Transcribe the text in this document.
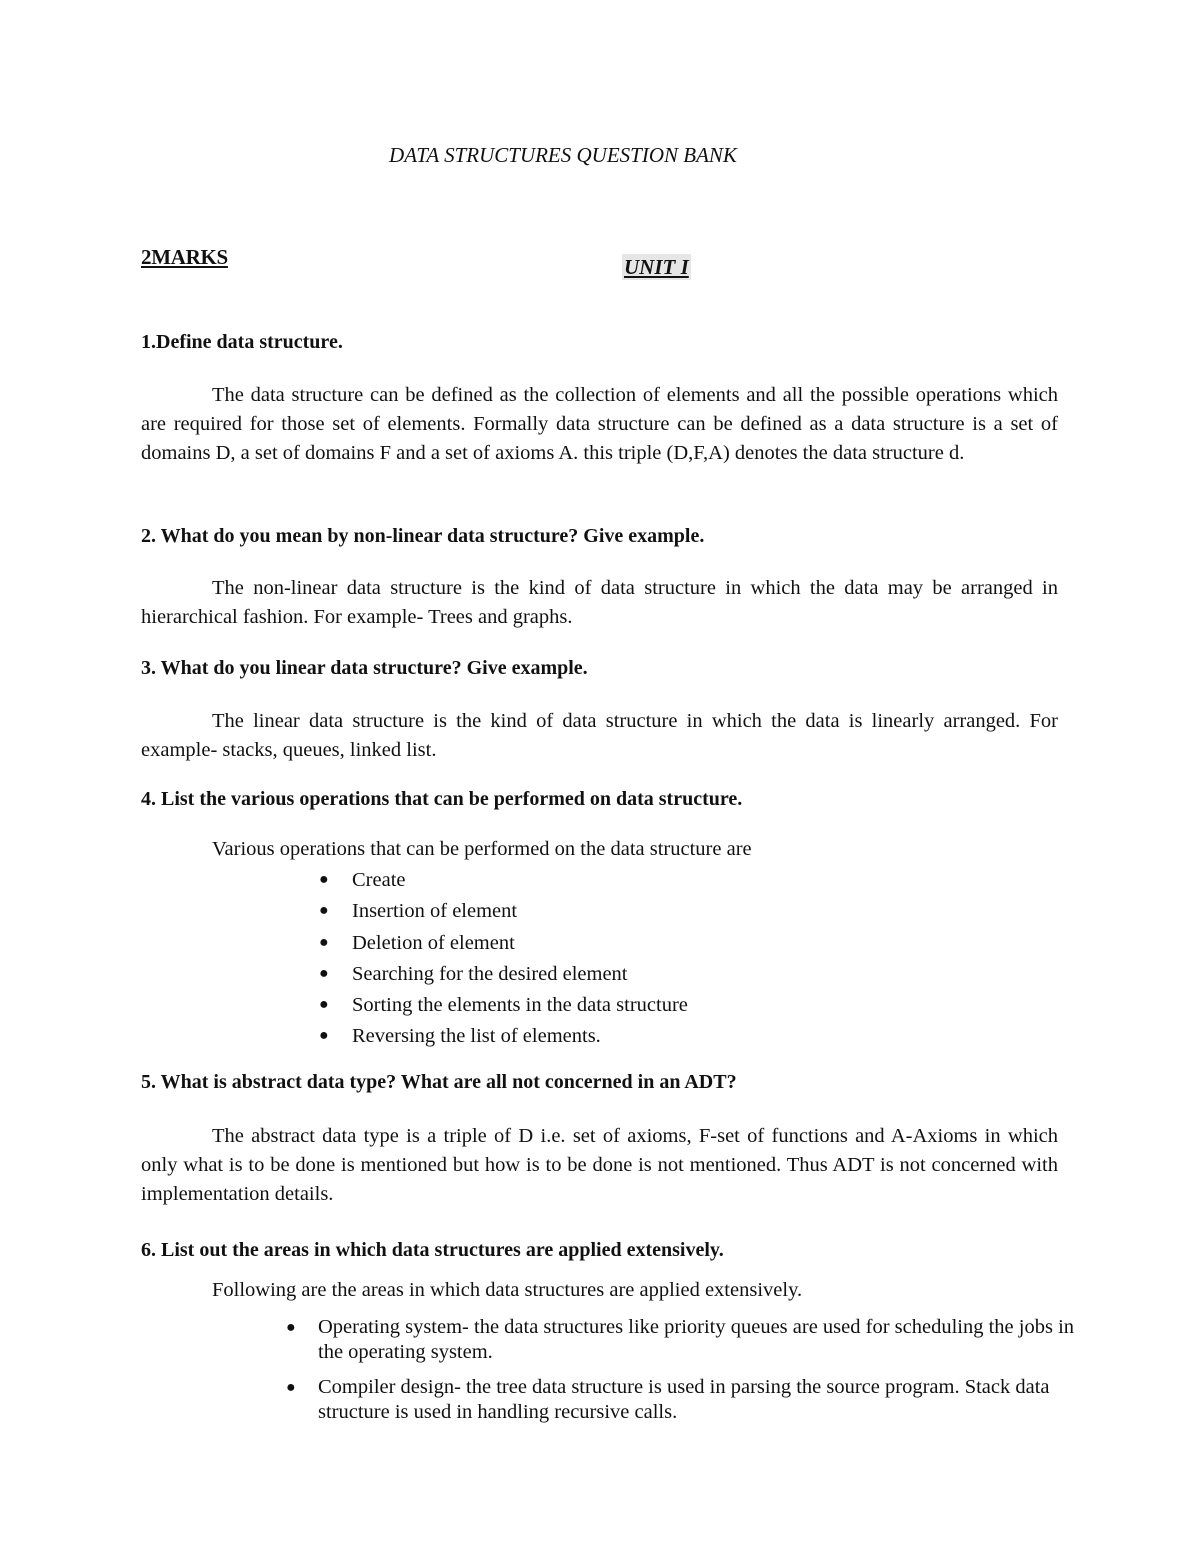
DATA STRUCTURES QUESTION BANK
2MARKS	UNIT I

1.Define data structure.

The data structure can be defined as the collection of elements and all the possible operations which are required for those set of elements. Formally data structure can be defined as a data structure is a set of domains D, a set of domains F and a set of axioms A. this triple (D,F,A) denotes the data structure d.

2. What do you mean by non-linear data structure? Give example.

The non-linear data structure is the kind of data structure in which the data may be arranged in hierarchical fashion. For example- Trees and graphs.

3. What do you linear data structure? Give example.

The linear data structure is the kind of data structure in which the data is linearly arranged. For example- stacks, queues, linked list.

4. List the various operations that can be performed on data structure.

Various operations that can be performed on the data structure are

● Create
● Insertion of element
● Deletion of element
● Searching for the desired element
● Sorting the elements in the data structure
● Reversing the list of elements.

5. What is abstract data type? What are all not concerned in an ADT?

The abstract data type is a triple of D i.e. set of axioms, F-set of functions and A-Axioms in which only what is to be done is mentioned but how is to be done is not mentioned. Thus ADT is not concerned with implementation details.

6. List out the areas in which data structures are applied extensively.

Following are the areas in which data structures are applied extensively.

● Operating system- the data structures like priority queues are used for scheduling the jobs in the operating system.
● Compiler design- the tree data structure is used in parsing the source program. Stack data structure is used in handling recursive calls.
